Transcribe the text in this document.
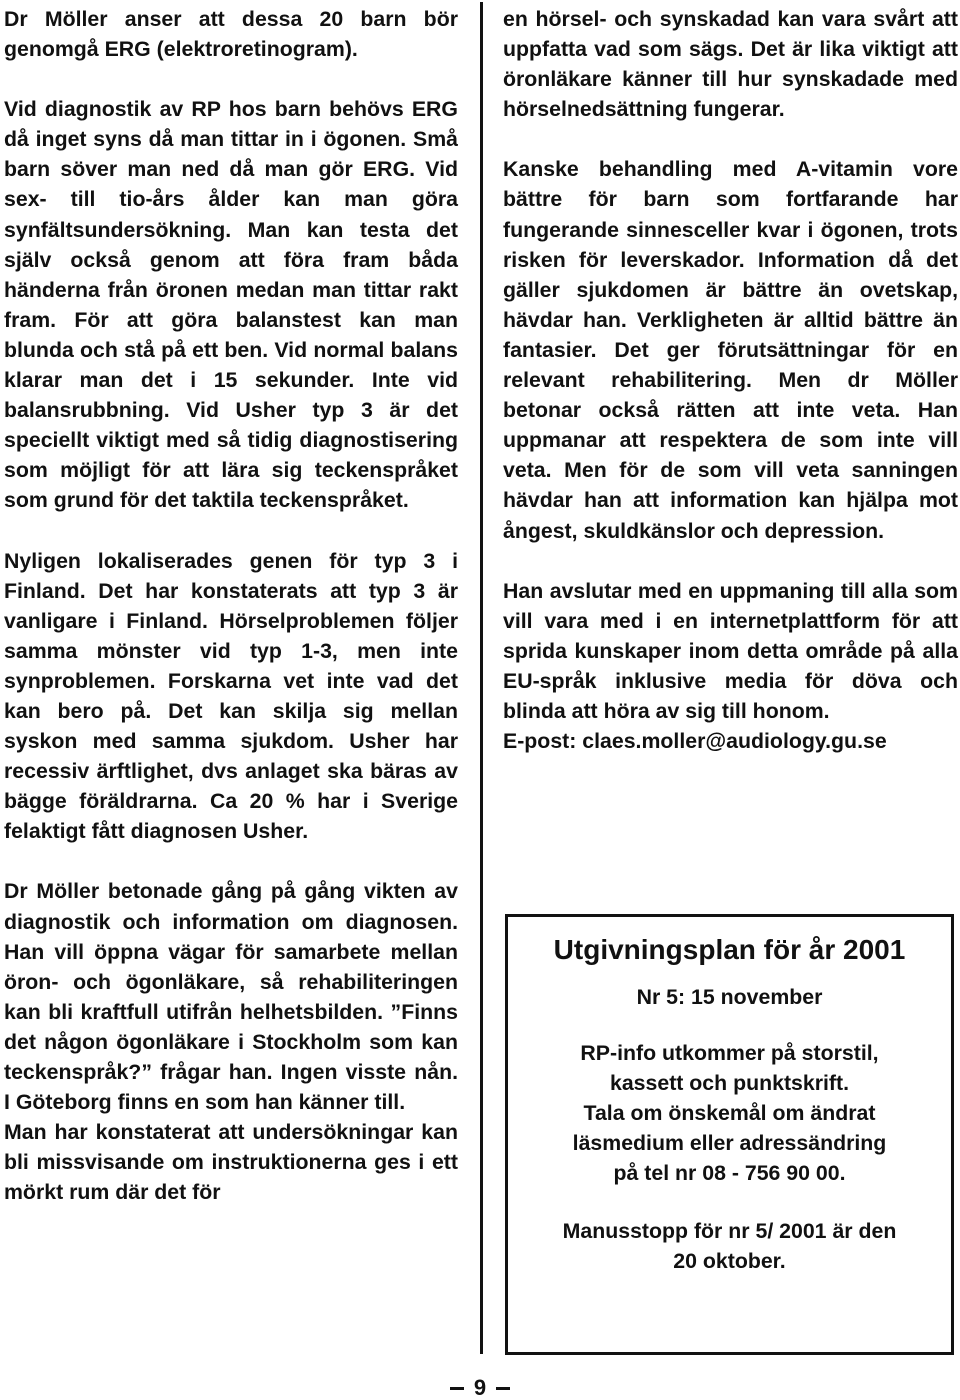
Dr Möller anser att dessa 20 barn bör genomgå ERG (elektroretinogram).

Vid diagnostik av RP hos barn behövs ERG då inget syns då man tittar in i ögonen. Små barn söver man ned då man gör ERG. Vid sex- till tio-års ålder kan man göra synfältsundersökning. Man kan testa det själv också genom att föra fram båda händerna från öronen medan man tittar rakt fram. För att göra balanstest kan man blunda och stå på ett ben. Vid normal balans klarar man det i 15 sekunder. Inte vid balansrubbning. Vid Usher typ 3 är det speciellt viktigt med så tidig diagnostisering som möjligt för att lära sig teckenspråket som grund för det taktila teckenspråket.

Nyligen lokaliserades genen för typ 3 i Finland. Det har konstaterats att typ 3 är vanligare i Finland. Hörselproblemen följer samma mönster vid typ 1-3, men inte synproblemen. Forskarna vet inte vad det kan bero på. Det kan skilja sig mellan syskon med samma sjukdom. Usher har recessiv ärftlighet, dvs anlaget ska bäras av bägge föräldrarna. Ca 20 % har i Sverige felaktigt fått diagnosen Usher.

Dr Möller betonade gång på gång vikten av diagnostik och information om diagnosen. Han vill öppna vägar för samarbete mellan öron- och ögonläkare, så rehabiliteringen kan bli kraftfull utifrån helhetsbilden. ”Finns det någon ögonläkare i Stockholm som kan teckenspråk?” frågar han. Ingen visste nån. I Göteborg finns en som han känner till.

Man har konstaterat att undersökningar kan bli missvisande om instruktionerna ges i ett mörkt rum där det för

en hörsel- och synskadad kan vara svårt att uppfatta vad som sägs. Det är lika viktigt att öronläkare känner till hur synskadade med hörselnedsättning fungerar.

Kanske behandling med A-vitamin vore bättre för barn som fortfarande har fungerande sinnesceller kvar i ögonen, trots risken för leverskador. Information då det gäller sjukdomen är bättre än ovetskap, hävdar han. Verkligheten är alltid bättre än fantasier. Det ger förutsättningar för en relevant rehabilitering. Men dr Möller betonar också rätten att inte veta. Han uppmanar att respektera de som inte vill veta. Men för de som vill veta sanningen hävdar han att information kan hjälpa mot ångest, skuldkänslor och depression.

Han avslutar med en uppmaning till alla som vill vara med i en internetplattform för att sprida kunskaper inom detta område på alla EU-språk inklusive media för döva och blinda att höra av sig till honom.

E-post: claes.moller@audiology.gu.se

Utgivningsplan för år 2001
Nr 5: 15 november
RP-info utkommer på storstil,
kassett och punktskrift.
Tala om önskemål om ändrat
läsmedium eller adressändring
på tel nr 08 - 756 90 00.
Manusstopp för nr 5/ 2001 är den
20 oktober.
9
